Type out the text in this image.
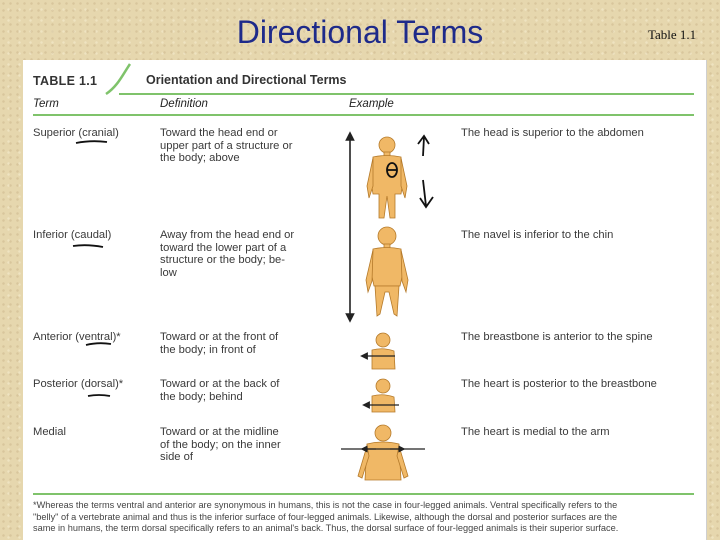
Directional Terms	Table 1.1
TABLE 1.1	Orientation and Directional Terms
Term	Definition	Example
Superior (cranial)	Toward the head end or
upper part of a structure or
the body; above
The head is superior to the abdomen
Inferior (caudal)	Away from the head end or
toward the lower part of a
structure or the body; be-
low
The navel is inferior to the chin
Anterior (ventral)*	Toward or at the front of
the body; in front of
The breastbone is anterior to the spine
Posterior (dorsal)*	Toward or at the back of
the body; behind
The heart is posterior to the breastbone
Medial	Toward or at the midline
of the body; on the inner
side of
The heart is medial to the arm
*Whereas the terms ventral and anterior are synonymous in humans, this is not the case in four-legged animals. Ventral specifically refers to the
"belly" of a vertebrate animal and thus is the inferior surface of four-legged animals. Likewise, although the dorsal and posterior surfaces are the
same in humans, the term dorsal specifically refers to an animal's back. Thus, the dorsal surface of four-legged animals is their superior surface.
